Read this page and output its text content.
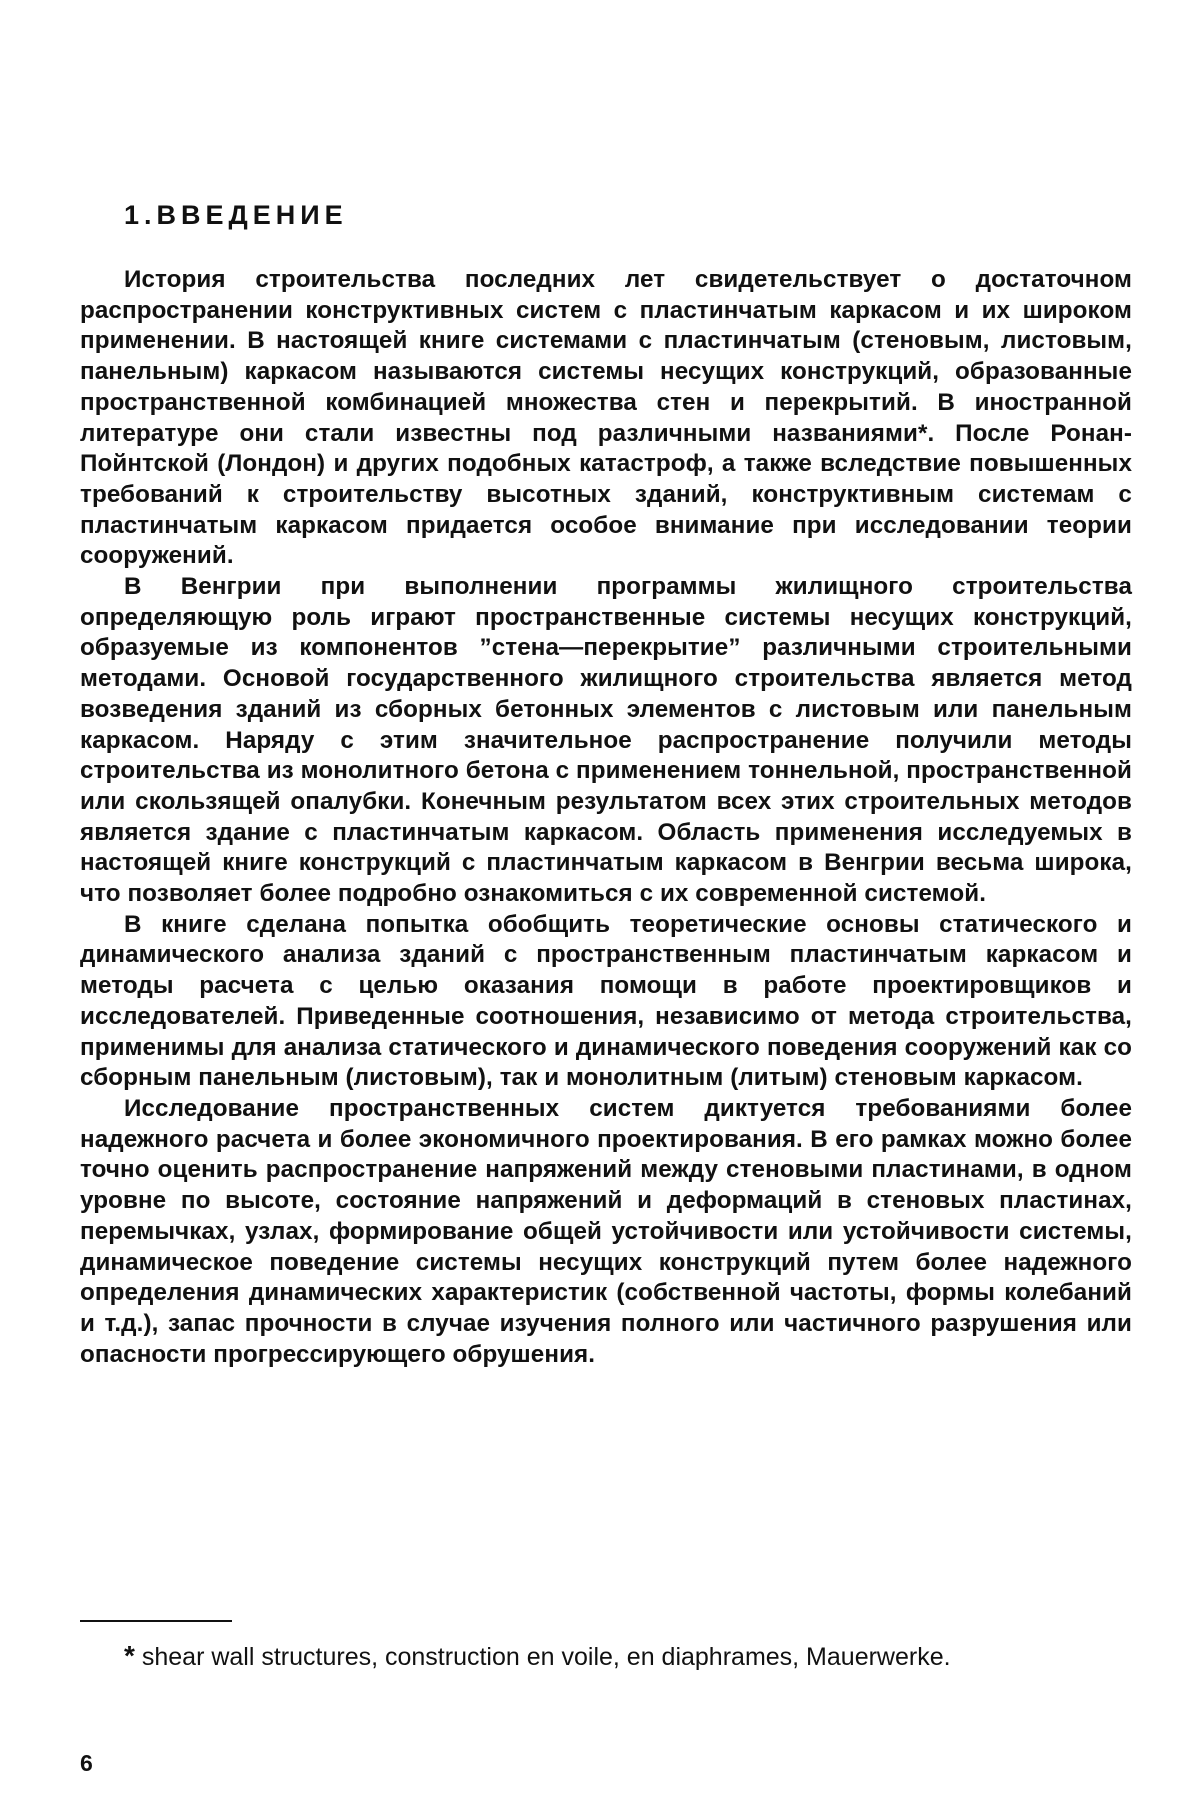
1.ВВЕДЕНИЕ

История строительства последних лет свидетельствует о достаточном распространении конструктивных систем с пластинчатым каркасом и их широком применении. В настоящей книге системами с пластинчатым (стеновым, листовым, панельным) каркасом называются системы несущих конструкций, образованные пространственной комбинацией множества стен и перекрытий. В иностранной литературе они стали известны под различными названиями*. После Ронан-Пойнтской (Лондон) и других подобных катастроф, а также вследствие повышенных требований к строительству высотных зданий, конструктивным системам с пластинчатым каркасом придается особое внимание при исследовании теории сооружений.

В Венгрии при выполнении программы жилищного строительства определяющую роль играют пространственные системы несущих конструкций, образуемые из компонентов ”стена—перекрытие” различными строительными методами. Основой государственного жилищного строительства является метод возведения зданий из сборных бетонных элементов с листовым или панельным каркасом. Наряду с этим значительное распространение получили методы строительства из монолитного бетона с применением тоннельной, пространственной или скользящей опалубки. Конечным результатом всех этих строительных методов является здание с пластинчатым каркасом. Область применения исследуемых в настоящей книге конструкций с пластинчатым каркасом в Венгрии весьма широка, что позволяет более подробно ознакомиться с их современной системой.

В книге сделана попытка обобщить теоретические основы статического и динамического анализа зданий с пространственным пластинчатым каркасом и методы расчета с целью оказания помощи в работе проектировщиков и исследователей. Приведенные соотношения, независимо от метода строительства, применимы для анализа статического и динамического поведения сооружений как со сборным панельным (листовым), так и монолитным (литым) стеновым каркасом.

Исследование пространственных систем диктуется требованиями более надежного расчета и более экономичного проектирования. В его рамках можно более точно оценить распространение напряжений между стеновыми пластинами, в одном уровне по высоте, состояние напряжений и деформаций в стеновых пластинах, перемычках, узлах, формирование общей устойчивости или устойчивости системы, динамическое поведение системы несущих конструкций путем более надежного определения динамических характеристик (собственной частоты, формы колебаний и т.д.), запас прочности в случае изучения полного или частичного разрушения или опасности прогрессирующего обрушения.

* shear wall structures, construction en voile, en diaphrames, Mauerwerke.

6
